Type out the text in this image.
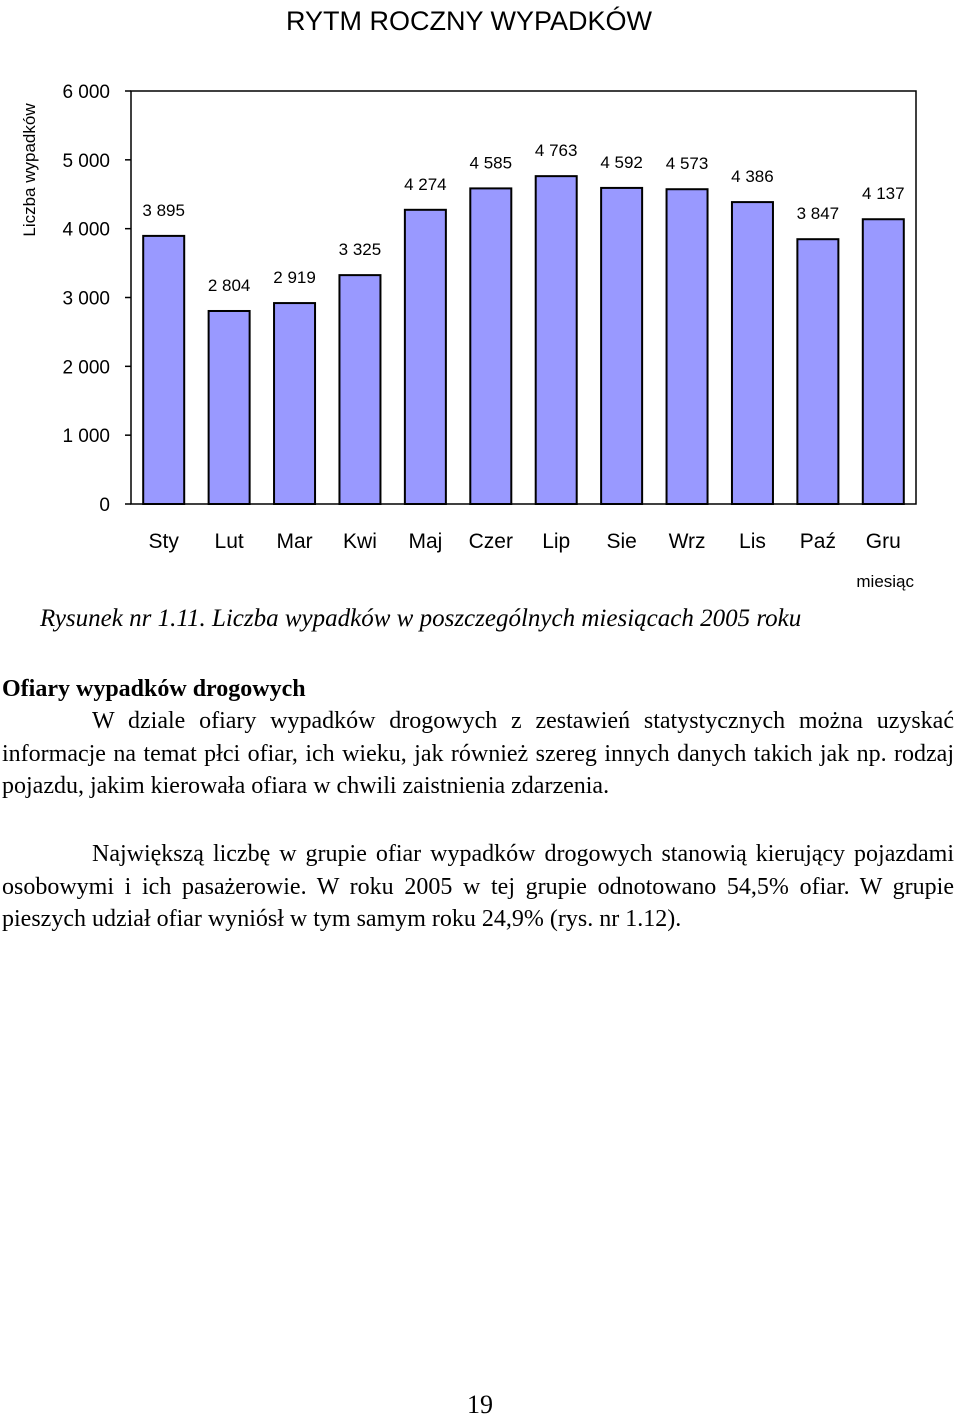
RYTM ROCZNY WYPADKÓW
Liczba wypadków
miesiąc
0
1 000
2 000
3 000
4 000
5 000
6 000
3 895
2 804 2 919
3 325
4 274
4 585
4 763
4 592 4 573
4 386
3 847
4 137
Sty Lut Mar Kwi Maj Czer Lip Sie Wrz Lis Paź Gru
Rysunek nr 1.11. Liczba wypadków w poszczególnych miesiącach 2005 roku
Ofiary wypadków drogowych
W dziale ofiary wypadków drogowych z zestawień statystycznych można uzyskać informacje na temat płci ofiar, ich wieku, jak również szereg innych danych takich jak np. rodzaj pojazdu, jakim kierowała ofiara w chwili zaistnienia zdarzenia.
Największą liczbę w grupie ofiar wypadków drogowych stanowią kierujący pojazdami osobowymi i ich pasażerowie. W roku 2005 w tej grupie odnotowano 54,5% ofiar. W grupie pieszych udział ofiar wyniósł w tym samym roku 24,9% (rys. nr 1.12).
19
